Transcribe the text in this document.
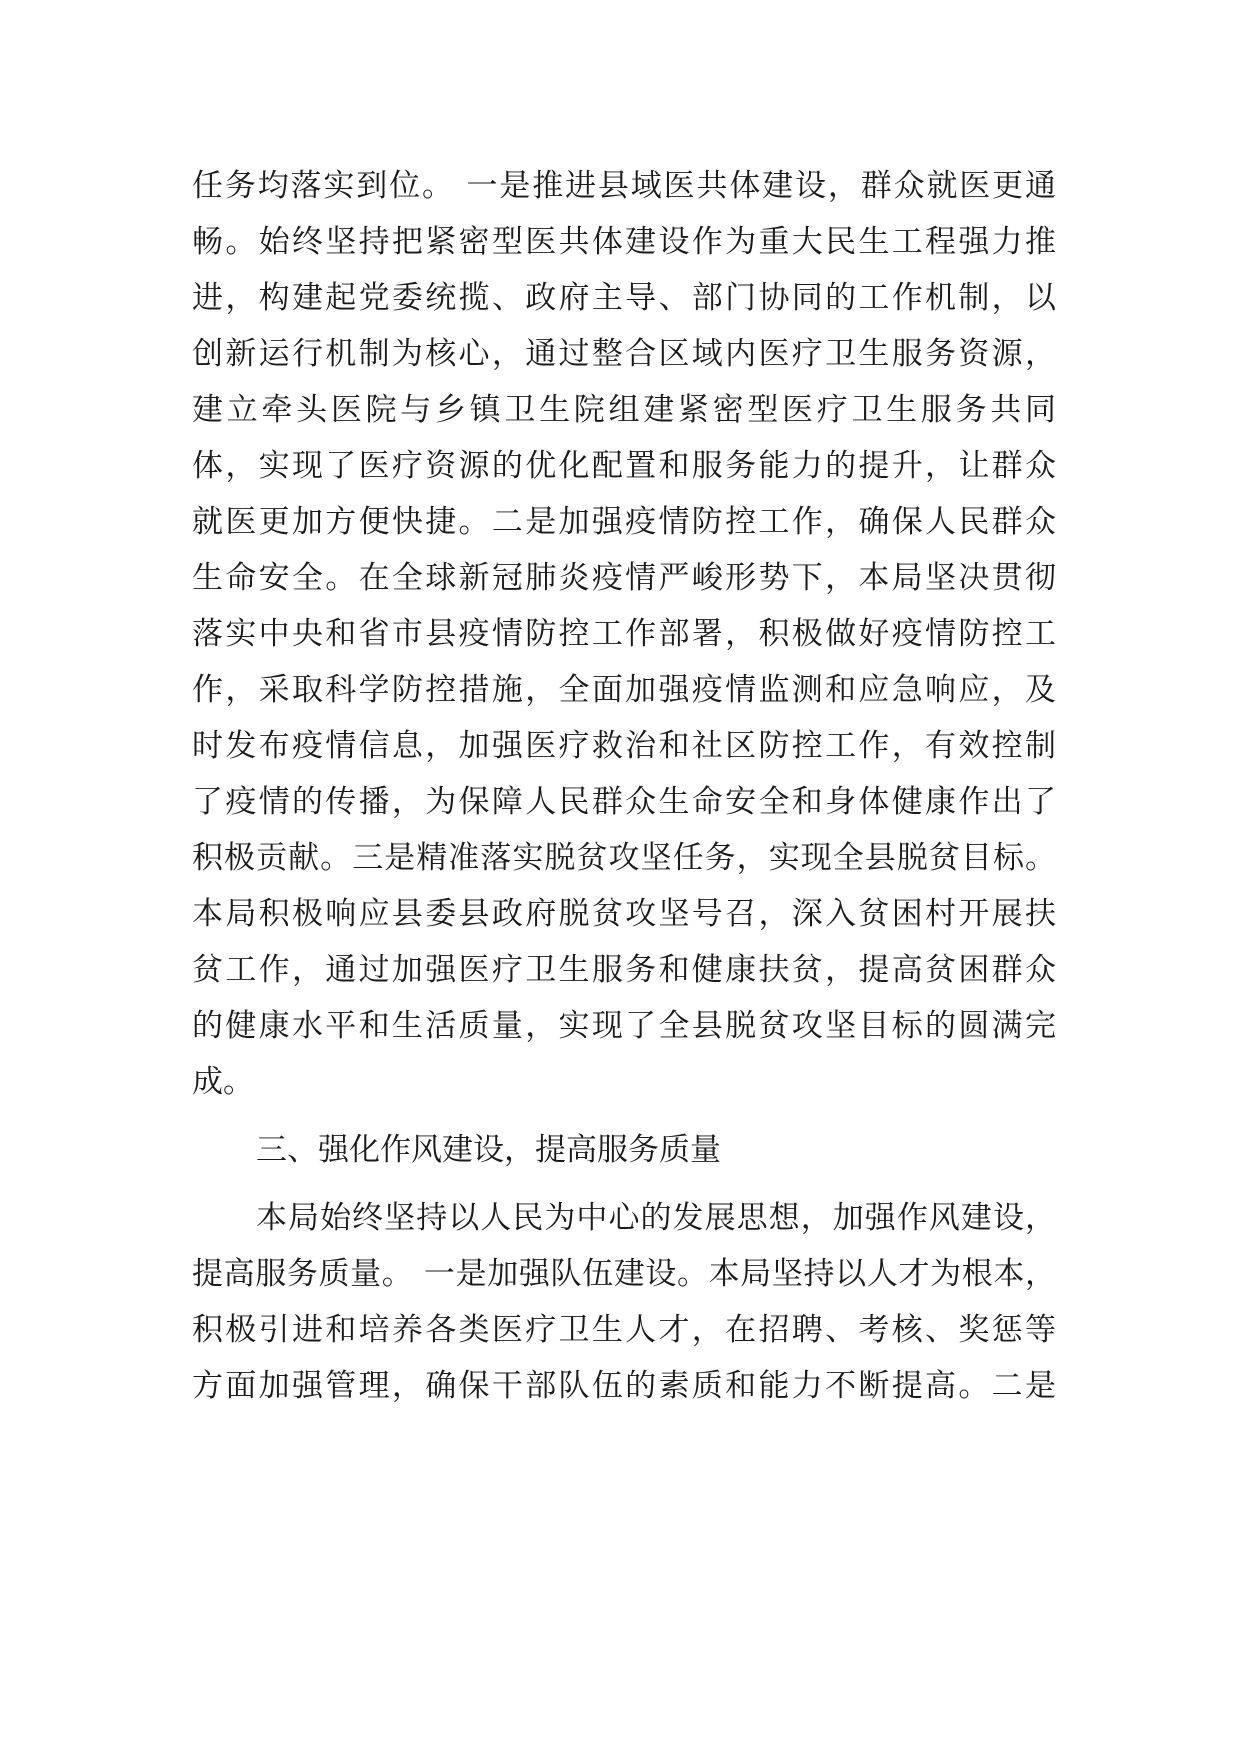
任务均落实到位。 一是推进县域医共体建设，群众就医更通
畅。始终坚持把紧密型医共体建设作为重大民生工程强力推
进，构建起党委统揽、政府主导、部门协同的工作机制，以
创新运行机制为核心，通过整合区域内医疗卫生服务资源，
建立牵头医院与乡镇卫生院组建紧密型医疗卫生服务共同
体，实现了医疗资源的优化配置和服务能力的提升，让群众
就医更加方便快捷。二是加强疫情防控工作，确保人民群众
生命安全。在全球新冠肺炎疫情严峻形势下，本局坚决贯彻
落实中央和省市县疫情防控工作部署，积极做好疫情防控工
作，采取科学防控措施，全面加强疫情监测和应急响应，及
时发布疫情信息，加强医疗救治和社区防控工作，有效控制
了疫情的传播，为保障人民群众生命安全和身体健康作出了
积极贡献。三是精准落实脱贫攻坚任务，实现全县脱贫目标。
本局积极响应县委县政府脱贫攻坚号召，深入贫困村开展扶
贫工作，通过加强医疗卫生服务和健康扶贫，提高贫困群众
的健康水平和生活质量，实现了全县脱贫攻坚目标的圆满完
成。
三、强化作风建设，提高服务质量
本局始终坚持以人民为中心的发展思想，加强作风建设，
提高服务质量。 一是加强队伍建设。本局坚持以人才为根本，
积极引进和培养各类医疗卫生人才，在招聘、考核、奖惩等
方面加强管理，确保干部队伍的素质和能力不断提高。二是
